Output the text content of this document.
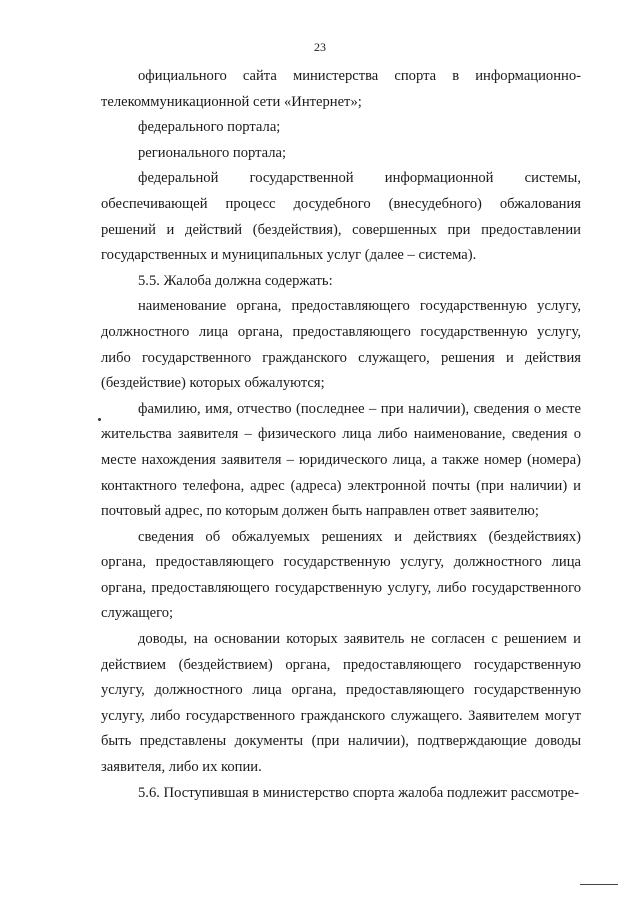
23

официального сайта министерства спорта в информационно-телекоммуникационной сети «Интернет»;

федерального портала;

регионального портала;

федеральной государственной информационной системы, обеспечивающей процесс досудебного (внесудебного) обжалования решений и действий (бездействия), совершенных при предоставлении государственных и муниципальных услуг (далее – система).

5.5. Жалоба должна содержать:

наименование органа, предоставляющего государственную услугу, должностного лица органа, предоставляющего государственную услугу, либо государственного гражданского служащего, решения и действия (бездействие) которых обжалуются;

фамилию, имя, отчество (последнее – при наличии), сведения о месте жительства заявителя – физического лица либо наименование, сведения о месте нахождения заявителя – юридического лица, а также номер (номера) контактного телефона, адрес (адреса) электронной почты (при наличии) и почтовый адрес, по которым должен быть направлен ответ заявителю;

сведения об обжалуемых решениях и действиях (бездействиях) органа, предоставляющего государственную услугу, должностного лица органа, предоставляющего государственную услугу, либо государственного служащего;

доводы, на основании которых заявитель не согласен с решением и действием (бездействием) органа, предоставляющего государственную услугу, должностного лица органа, предоставляющего государственную услугу, либо государственного гражданского служащего. Заявителем могут быть представлены документы (при наличии), подтверждающие доводы заявителя, либо их копии.

5.6. Поступившая в министерство спорта жалоба подлежит рассмотре-
